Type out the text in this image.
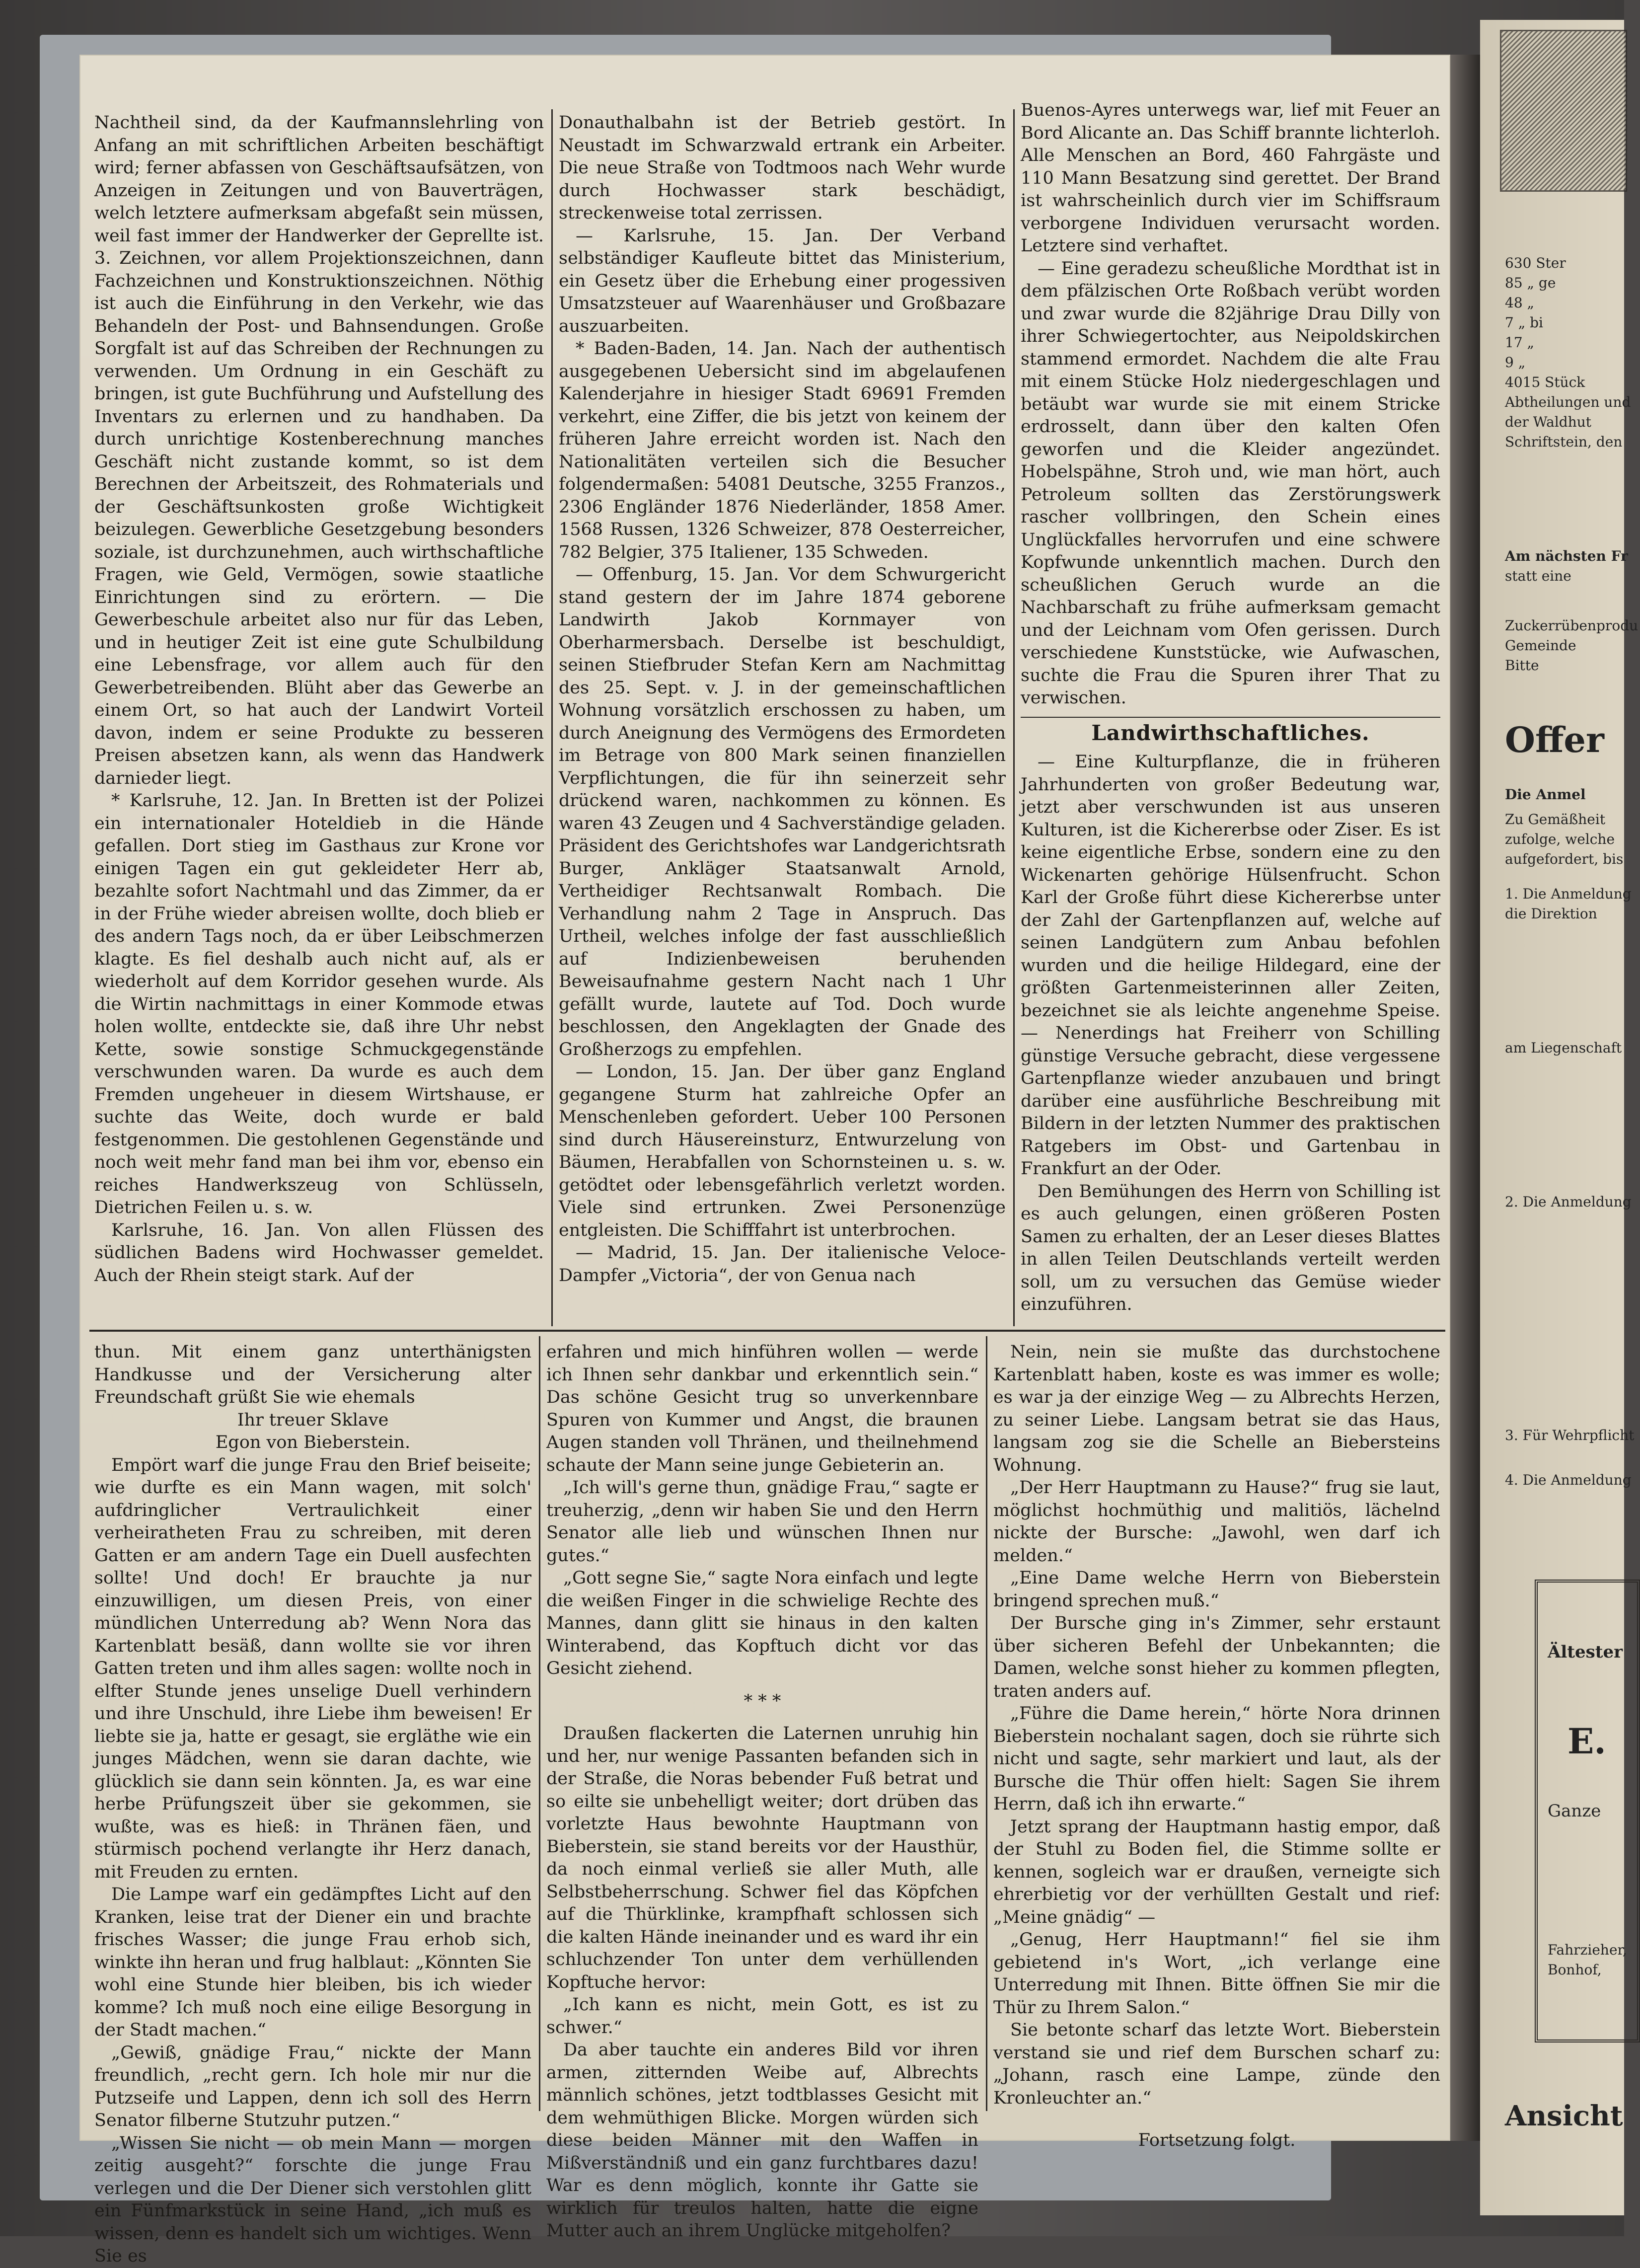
Nachtheil sind, da der Kaufmannslehrling von Anfang an mit schriftlichen Arbeiten beschäftigt wird; ferner abfassen von Geschäftsaufsätzen, von Anzeigen in Zeitungen und von Bauverträgen, welch letztere aufmerksam abgefaßt sein müssen, weil fast immer der Handwerker der Geprellte ist. 3. Zeichnen, vor allem Projektionszeichnen, dann Fachzeichnen und Konstruktionszeichnen. Nöthig ist auch die Einführung in den Verkehr, wie das Behandeln der Post- und Bahnsendungen. Große Sorgfalt ist auf das Schreiben der Rechnungen zu verwenden. Um Ordnung in ein Geschäft zu bringen, ist gute Buchführung und Aufstellung des Inventars zu erlernen und zu handhaben. Da durch unrichtige Kostenberechnung manches Geschäft nicht zustande kommt, so ist dem Berechnen der Arbeitszeit, des Rohmaterials und der Geschäftsunkosten große Wichtigkeit beizulegen. Gewerbliche Gesetzgebung besonders soziale, ist durchzunehmen, auch wirthschaftliche Fragen, wie Geld, Vermögen, sowie staatliche Einrichtungen sind zu erörtern. — Die Gewerbeschule arbeitet also nur für das Leben, und in heutiger Zeit ist eine gute Schulbildung eine Lebensfrage, vor allem auch für den Gewerbetreibenden. Blüht aber das Gewerbe an einem Ort, so hat auch der Landwirt Vorteil davon, indem er seine Produkte zu besseren Preisen absetzen kann, als wenn das Handwerk darnieder liegt.

* Karlsruhe, 12. Jan. In Bretten ist der Polizei ein internationaler Hoteldieb in die Hände gefallen. Dort stieg im Gasthaus zur Krone vor einigen Tagen ein gut gekleideter Herr ab, bezahlte sofort Nachtmahl und das Zimmer, da er in der Frühe wieder abreisen wollte, doch blieb er des andern Tags noch, da er über Leibschmerzen klagte. Es fiel deshalb auch nicht auf, als er wiederholt auf dem Korridor gesehen wurde. Als die Wirtin nachmittags in einer Kommode etwas holen wollte, entdeckte sie, daß ihre Uhr nebst Kette, sowie sonstige Schmuckgegenstände verschwunden waren. Da wurde es auch dem Fremden ungeheuer in diesem Wirtshause, er suchte das Weite, doch wurde er bald festgenommen. Die gestohlenen Gegenstände und noch weit mehr fand man bei ihm vor, ebenso ein reiches Handwerkszeug von Schlüsseln, Dietrichen Feilen u. s. w.

Karlsruhe, 16. Jan. Von allen Flüssen des südlichen Badens wird Hochwasser gemeldet. Auch der Rhein steigt stark. Auf der

Donauthalbahn ist der Betrieb gestört. In Neustadt im Schwarzwald ertrank ein Arbeiter. Die neue Straße von Todtmoos nach Wehr wurde durch Hochwasser stark beschädigt, streckenweise total zerrissen.

— Karlsruhe, 15. Jan. Der Verband selbständiger Kaufleute bittet das Ministerium, ein Gesetz über die Erhebung einer progessiven Umsatzsteuer auf Waarenhäuser und Großbazare auszuarbeiten.

* Baden-Baden, 14. Jan. Nach der authentisch ausgegebenen Uebersicht sind im abgelaufenen Kalenderjahre in hiesiger Stadt 69691 Fremden verkehrt, eine Ziffer, die bis jetzt von keinem der früheren Jahre erreicht worden ist. Nach den Nationalitäten verteilen sich die Besucher folgendermaßen: 54081 Deutsche, 3255 Franzos., 2306 Engländer 1876 Niederländer, 1858 Amer. 1568 Russen, 1326 Schweizer, 878 Oesterreicher, 782 Belgier, 375 Italiener, 135 Schweden.

— Offenburg, 15. Jan. Vor dem Schwurgericht stand gestern der im Jahre 1874 geborene Landwirth Jakob Kornmayer von Oberharmersbach. Derselbe ist beschuldigt, seinen Stiefbruder Stefan Kern am Nachmittag des 25. Sept. v. J. in der gemeinschaftlichen Wohnung vorsätzlich erschossen zu haben, um durch Aneignung des Vermögens des Ermordeten im Betrage von 800 Mark seinen finanziellen Verpflichtungen, die für ihn seinerzeit sehr drückend waren, nachkommen zu können. Es waren 43 Zeugen und 4 Sachverständige geladen. Präsident des Gerichtshofes war Landgerichtsrath Burger, Ankläger Staatsanwalt Arnold, Vertheidiger Rechtsanwalt Rombach. Die Verhandlung nahm 2 Tage in Anspruch. Das Urtheil, welches infolge der fast ausschließlich auf Indizienbeweisen beruhenden Beweisaufnahme gestern Nacht nach 1 Uhr gefällt wurde, lautete auf Tod. Doch wurde beschlossen, den Angeklagten der Gnade des Großherzogs zu empfehlen.

— London, 15. Jan. Der über ganz England gegangene Sturm hat zahlreiche Opfer an Menschenleben gefordert. Ueber 100 Personen sind durch Häusereinsturz, Entwurzelung von Bäumen, Herabfallen von Schornsteinen u. s. w. getödtet oder lebensgefährlich verletzt worden. Viele sind ertrunken. Zwei Personenzüge entgleisten. Die Schifffahrt ist unterbrochen.

— Madrid, 15. Jan. Der italienische Veloce-Dampfer „Victoria“, der von Genua nach

Buenos-Ayres unterwegs war, lief mit Feuer an Bord Alicante an. Das Schiff brannte lichterloh. Alle Menschen an Bord, 460 Fahrgäste und 110 Mann Besatzung sind gerettet. Der Brand ist wahrscheinlich durch vier im Schiffsraum verborgene Individuen verursacht worden. Letztere sind verhaftet.

— Eine geradezu scheußliche Mordthat ist in dem pfälzischen Orte Roßbach verübt worden und zwar wurde die 82jährige Drau Dilly von ihrer Schwiegertochter, aus Neipoldskirchen stammend ermordet. Nachdem die alte Frau mit einem Stücke Holz niedergeschlagen und betäubt war wurde sie mit einem Stricke erdrosselt, dann über den kalten Ofen geworfen und die Kleider angezündet. Hobelspähne, Stroh und, wie man hört, auch Petroleum sollten das Zerstörungswerk rascher vollbringen, den Schein eines Unglückfalles hervorrufen und eine schwere Kopfwunde unkenntlich machen. Durch den scheußlichen Geruch wurde an die Nachbarschaft zu frühe aufmerksam gemacht und der Leichnam vom Ofen gerissen. Durch verschiedene Kunststücke, wie Aufwaschen, suchte die Frau die Spuren ihrer That zu verwischen.

Landwirthschaftliches.

— Eine Kulturpflanze, die in früheren Jahrhunderten von großer Bedeutung war, jetzt aber verschwunden ist aus unseren Kulturen, ist die Kichererbse oder Ziser. Es ist keine eigentliche Erbse, sondern eine zu den Wickenarten gehörige Hülsenfrucht. Schon Karl der Große führt diese Kichererbse unter der Zahl der Gartenpflanzen auf, welche auf seinen Landgütern zum Anbau befohlen wurden und die heilige Hildegard, eine der größten Gartenmeisterinnen aller Zeiten, bezeichnet sie als leichte angenehme Speise. — Nenerdings hat Freiherr von Schilling günstige Versuche gebracht, diese vergessene Gartenpflanze wieder anzubauen und bringt darüber eine ausführliche Beschreibung mit Bildern in der letzten Nummer des praktischen Ratgebers im Obst- und Gartenbau in Frankfurt an der Oder.

Den Bemühungen des Herrn von Schilling ist es auch gelungen, einen größeren Posten Samen zu erhalten, der an Leser dieses Blattes in allen Teilen Deutschlands verteilt werden soll, um zu versuchen das Gemüse wieder einzuführen.

thun. Mit einem ganz unterthänigsten Handkusse und der Versicherung alter Freundschaft grüßt Sie wie ehemals

Ihr treuer Sklave

Egon von Bieberstein.

Empört warf die junge Frau den Brief beiseite; wie durfte es ein Mann wagen, mit solch' aufdringlicher Vertraulichkeit einer verheiratheten Frau zu schreiben, mit deren Gatten er am andern Tage ein Duell ausfechten sollte! Und doch! Er brauchte ja nur einzuwilligen, um diesen Preis, von einer mündlichen Unterredung ab? Wenn Nora das Kartenblatt besäß, dann wollte sie vor ihren Gatten treten und ihm alles sagen: wollte noch in elfter Stunde jenes unselige Duell verhindern und ihre Unschuld, ihre Liebe ihm beweisen! Er liebte sie ja, hatte er gesagt, sie ergläthe wie ein junges Mädchen, wenn sie daran dachte, wie glücklich sie dann sein könnten. Ja, es war eine herbe Prüfungszeit über sie gekommen, sie wußte, was es hieß: in Thränen fäen, und stürmisch pochend verlangte ihr Herz danach, mit Freuden zu ernten.

Die Lampe warf ein gedämpftes Licht auf den Kranken, leise trat der Diener ein und brachte frisches Wasser; die junge Frau erhob sich, winkte ihn heran und frug halblaut: „Könnten Sie wohl eine Stunde hier bleiben, bis ich wieder komme? Ich muß noch eine eilige Besorgung in der Stadt machen.“

„Gewiß, gnädige Frau,“ nickte der Mann freundlich, „recht gern. Ich hole mir nur die Putzseife und Lappen, denn ich soll des Herrn Senator filberne Stutzuhr putzen.“

„Wissen Sie nicht — ob mein Mann — morgen zeitig ausgeht?“ forschte die junge Frau verlegen und die Der Diener sich verstohlen glitt ein Fünfmarkstück in seine Hand, „ich muß es wissen, denn es handelt sich um wichtiges. Wenn Sie es

erfahren und mich hinführen wollen — werde ich Ihnen sehr dankbar und erkenntlich sein.“ Das schöne Gesicht trug so unverkennbare Spuren von Kummer und Angst, die braunen Augen standen voll Thränen, und theilnehmend schaute der Mann seine junge Gebieterin an.

„Ich will's gerne thun, gnädige Frau,“ sagte er treuherzig, „denn wir haben Sie und den Herrn Senator alle lieb und wünschen Ihnen nur gutes.“

„Gott segne Sie,“ sagte Nora einfach und legte die weißen Finger in die schwielige Rechte des Mannes, dann glitt sie hinaus in den kalten Winterabend, das Kopftuch dicht vor das Gesicht ziehend.

* * *

Draußen flackerten die Laternen unruhig hin und her, nur wenige Passanten befanden sich in der Straße, die Noras bebender Fuß betrat und so eilte sie unbehelligt weiter; dort drüben das vorletzte Haus bewohnte Hauptmann von Bieberstein, sie stand bereits vor der Hausthür, da noch einmal verließ sie aller Muth, alle Selbstbeherrschung. Schwer fiel das Köpfchen auf die Thürklinke, krampfhaft schlossen sich die kalten Hände ineinander und es ward ihr ein schluchzender Ton unter dem verhüllenden Kopftuche hervor:

„Ich kann es nicht, mein Gott, es ist zu schwer.“

Da aber tauchte ein anderes Bild vor ihren armen, zitternden Weibe auf, Albrechts männlich schönes, jetzt todtblasses Gesicht mit dem wehmüthigen Blicke. Morgen würden sich diese beiden Männer mit den Waffen in Mißverständniß und ein ganz furchtbares dazu! War es denn möglich, konnte ihr Gatte sie wirklich für treulos halten, hatte die eigne Mutter auch an ihrem Unglücke mitgeholfen?

Nein, nein sie mußte das durchstochene Kartenblatt haben, koste es was immer es wolle; es war ja der einzige Weg — zu Albrechts Herzen, zu seiner Liebe. Langsam betrat sie das Haus, langsam zog sie die Schelle an Biebersteins Wohnung.

„Der Herr Hauptmann zu Hause?“ frug sie laut, möglichst hochmüthig und malitiös, lächelnd nickte der Bursche: „Jawohl, wen darf ich melden.“

„Eine Dame welche Herrn von Bieberstein bringend sprechen muß.“

Der Bursche ging in's Zimmer, sehr erstaunt über sicheren Befehl der Unbekannten; die Damen, welche sonst hieher zu kommen pflegten, traten anders auf.

„Führe die Dame herein,“ hörte Nora drinnen Bieberstein nochalant sagen, doch sie rührte sich nicht und sagte, sehr markiert und laut, als der Bursche die Thür offen hielt: Sagen Sie ihrem Herrn, daß ich ihn erwarte.“

Jetzt sprang der Hauptmann hastig empor, daß der Stuhl zu Boden fiel, die Stimme sollte er kennen, sogleich war er draußen, verneigte sich ehrerbietig vor der verhüllten Gestalt und rief: „Meine gnädig“ —

„Genug, Herr Hauptmann!“ fiel sie ihm gebietend in's Wort, „ich verlange eine Unterredung mit Ihnen. Bitte öffnen Sie mir die Thür zu Ihrem Salon.“

Sie betonte scharf das letzte Wort. Bieberstein verstand sie und rief dem Burschen scharf zu: „Johann, rasch eine Lampe, zünde den Kronleuchter an.“

Fortsetzung folgt.

630 Ster
85 „ ge
48 „
7 „ bi
17 „
9 „
4015 Stück
Abtheilungen und
der Waldhut
Schriftstein, den
Am nächsten Fr
statt eine
Zuckerrübenprodu
Gemeinde
Bitte
Offer
Die Anmel
Zu Gemäßheit
zufolge, welche
aufgefordert, bis
1. Die Anmeldung
die Direktion
am Liegenschaft
2. Die Anmeldung
3. Für Wehrpflicht
4. Die Anmeldung
Ältester
E.
Ganze
Fahrzieher,
Bonhof,
Ansicht
